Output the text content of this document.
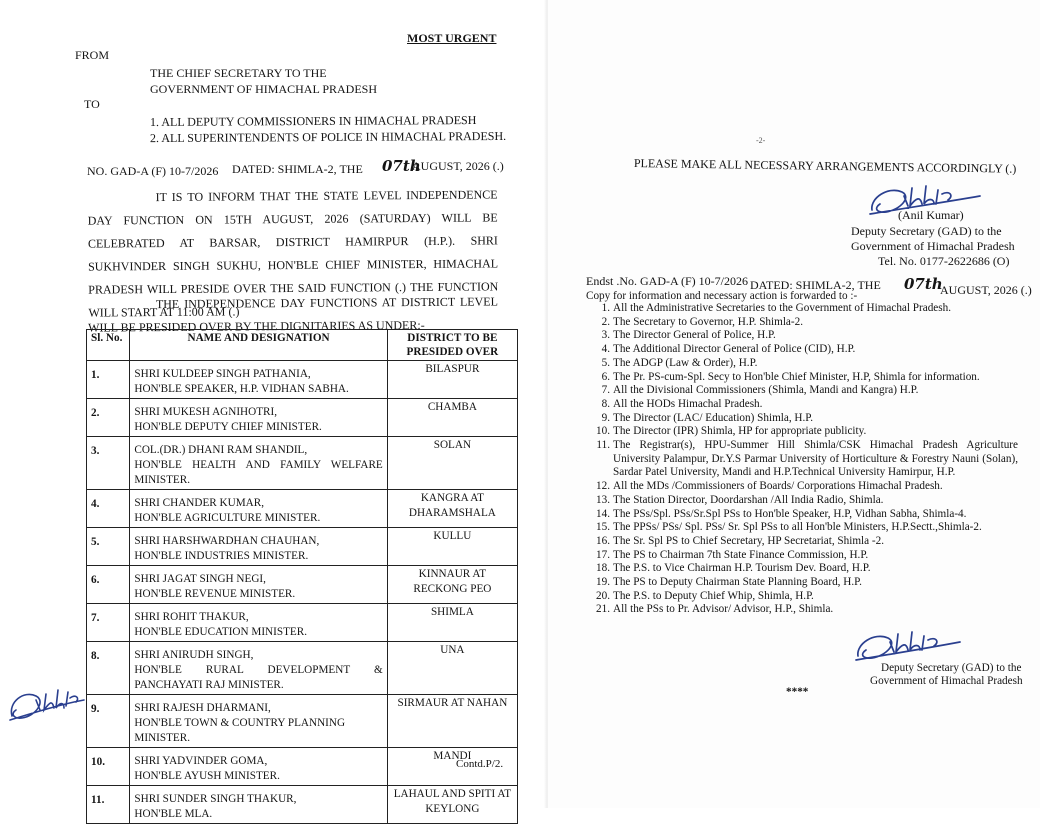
MOST URGENT
FROM
THE CHIEF SECRETARY TO THE
GOVERNMENT OF HIMACHAL PRADESH
TO
1. ALL DEPUTY COMMISSIONERS IN HIMACHAL PRADESH
2. ALL SUPERINTENDENTS OF POLICE IN HIMACHAL PRADESH.
NO. GAD-A (F) 10-7/2026 DATED: SHIMLA-2, THE 07th
AUGUST, 2026 (.)
IT IS TO INFORM THAT THE STATE LEVEL INDEPENDENCE DAY FUNCTION ON 15TH AUGUST, 2026 (SATURDAY) WILL BE CELEBRATED AT BARSAR, DISTRICT HAMIRPUR (H.P.). SHRI SUKHVINDER SINGH SUKHU, HON'BLE CHIEF MINISTER, HIMACHAL PRADESH WILL PRESIDE OVER THE SAID FUNCTION (.) THE FUNCTION WILL START AT 11:00 AM (.)
THE INDEPENDENCE DAY FUNCTIONS AT DISTRICT LEVEL WILL BE PRESIDED OVER BY THE DIGNITARIES AS UNDER:-
Sl. No.	NAME AND DESIGNATION	DISTRICT TO BE PRESIDED OVER
1.	SHRI KULDEEP SINGH PATHANIA,
HON'BLE SPEAKER, H.P. VIDHAN SABHA.	BILASPUR
2.	SHRI MUKESH AGNIHOTRI,
HON'BLE DEPUTY CHIEF MINISTER.	CHAMBA
3.	COL.(DR.) DHANI RAM SHANDIL,
HON'BLE HEALTH AND FAMILY WELFARE MINISTER.	SOLAN
4.	SHRI CHANDER KUMAR,
HON'BLE AGRICULTURE MINISTER.	KANGRA AT DHARAMSHALA
5.	SHRI HARSHWARDHAN CHAUHAN,
HON'BLE INDUSTRIES MINISTER.	KULLU
6.	SHRI JAGAT SINGH NEGI,
HON'BLE REVENUE MINISTER.	KINNAUR AT RECKONG PEO
7.	SHRI ROHIT THAKUR,
HON'BLE EDUCATION MINISTER.	SHIMLA
8.	SHRI ANIRUDH SINGH,
HON'BLE RURAL DEVELOPMENT & PANCHAYATI RAJ MINISTER.	UNA
9.	SHRI RAJESH DHARMANI,
HON'BLE TOWN & COUNTRY PLANNING MINISTER.	SIRMAUR AT NAHAN
10.	SHRI YADVINDER GOMA,
HON'BLE AYUSH MINISTER.	MANDI
11.	SHRI SUNDER SINGH THAKUR,
HON'BLE MLA.	LAHAUL AND SPITI AT KEYLONG
Contd.P/2.
-2-
PLEASE MAKE ALL NECESSARY ARRANGEMENTS ACCORDINGLY (.)
(Anil Kumar)
Deputy Secretary (GAD) to the
Government of Himachal Pradesh
Tel. No. 0177-2622686 (O)
Endst .No. GAD-A (F) 10-7/2026 DATED: SHIMLA-2, THE 07th
AUGUST, 2026 (.)
Copy for information and necessary action is forwarded to :-
1. All the Administrative Secretaries to the Government of Himachal Pradesh.
2. The Secretary to Governor, H.P. Shimla-2.
3. The Director General of Police, H.P.
4. The Additional Director General of Police (CID), H.P.
5. The ADGP (Law & Order), H.P.
6. The Pr. PS-cum-Spl. Secy to Hon'ble Chief Minister, H.P, Shimla for information.
7. All the Divisional Commissioners (Shimla, Mandi and Kangra) H.P.
8. All the HODs Himachal Pradesh.
9. The Director (LAC/ Education) Shimla, H.P.
10. The Director (IPR) Shimla, HP for appropriate publicity.
11. The Registrar(s), HPU-Summer Hill Shimla/CSK Himachal Pradesh Agriculture University Palampur, Dr.Y.S Parmar University of Horticulture & Forestry Nauni (Solan), Sardar Patel University, Mandi and H.P.Technical University Hamirpur, H.P.
12. All the MDs /Commissioners of Boards/ Corporations Himachal Pradesh.
13. The Station Director, Doordarshan /All India Radio, Shimla.
14. The PSs/Spl. PSs/Sr.Spl PSs to Hon'ble Speaker, H.P, Vidhan Sabha, Shimla-4.
15. The PPSs/ PSs/ Spl. PSs/ Sr. Spl PSs to all Hon'ble Ministers, H.P.Sectt.,Shimla-2.
16. The Sr. Spl PS to Chief Secretary, HP Secretariat, Shimla -2.
17. The PS to Chairman 7th State Finance Commission, H.P.
18. The P.S. to Vice Chairman H.P. Tourism Dev. Board, H.P.
19. The PS to Deputy Chairman State Planning Board, H.P.
20. The P.S. to Deputy Chief Whip, Shimla, H.P.
21. All the PSs to Pr. Advisor/ Advisor, H.P., Shimla.
Deputy Secretary (GAD) to the
Government of Himachal Pradesh
****
